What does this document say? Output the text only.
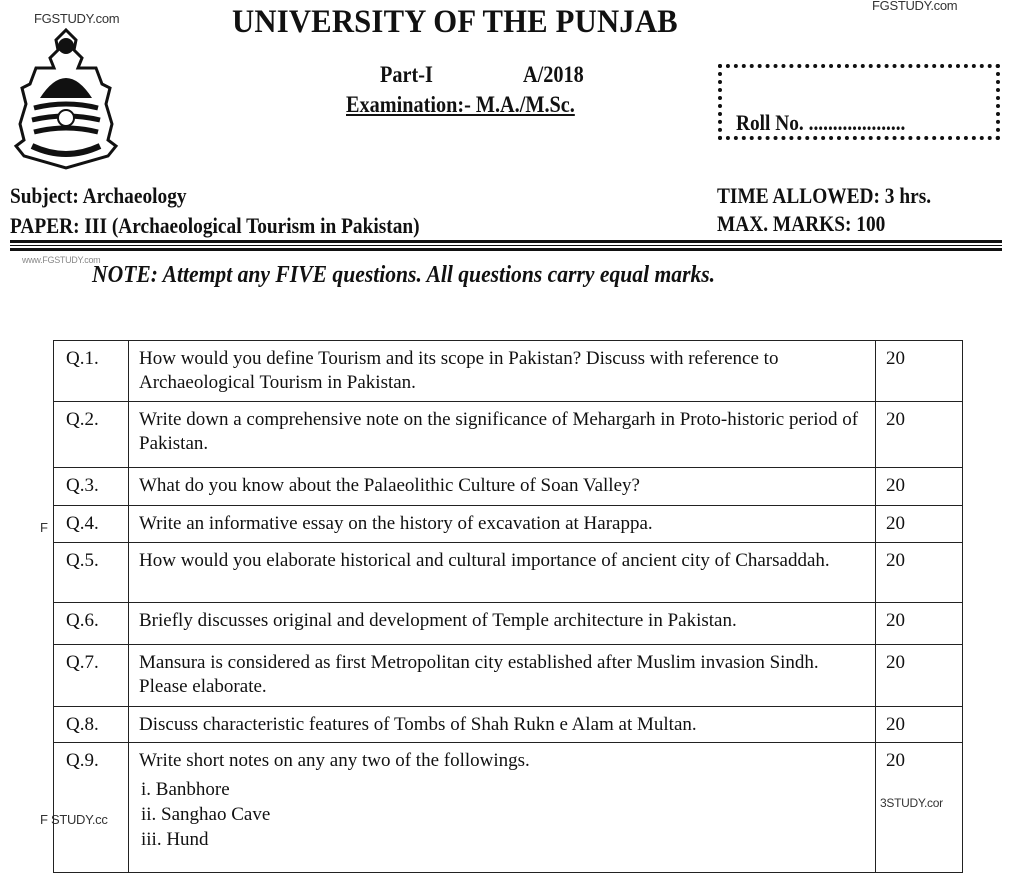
FGSTUDY.com
FGSTUDY.com
F
F STUDY.cc
3STUDY.cor
www.FGSTUDY.com
UNIVERSITY OF THE PUNJAB
Part-I	A/2018
Examination:- M.A./M.Sc.
Roll No. ....................
Subject: Archaeology
PAPER: III (Archaeological Tourism in Pakistan)
TIME ALLOWED: 3 hrs.
MAX. MARKS: 100
NOTE: Attempt any FIVE questions. All questions carry equal marks.
Q.1.	How would you define Tourism and its scope in Pakistan? Discuss with reference to Archaeological Tourism in Pakistan.	20
Q.2.	Write down a comprehensive note on the significance of Mehargarh in Proto-historic period of Pakistan.	20
Q.3.	What do you know about the Palaeolithic Culture of Soan Valley?	20
Q.4.	Write an informative essay on the history of excavation at Harappa.	20
Q.5.	How would you elaborate historical and cultural importance of ancient city of Charsaddah.	20
Q.6.	Briefly discusses original and development of Temple architecture in Pakistan.	20
Q.7.	Mansura is considered as first Metropolitan city established after Muslim invasion Sindh. Please elaborate.	20
Q.8.	Discuss characteristic features of Tombs of Shah Rukn e Alam at Multan.	20
Q.9.	Write short notes on any any two of the followings.
i. Banbhore
ii. Sanghao Cave
iii. Hund	20
